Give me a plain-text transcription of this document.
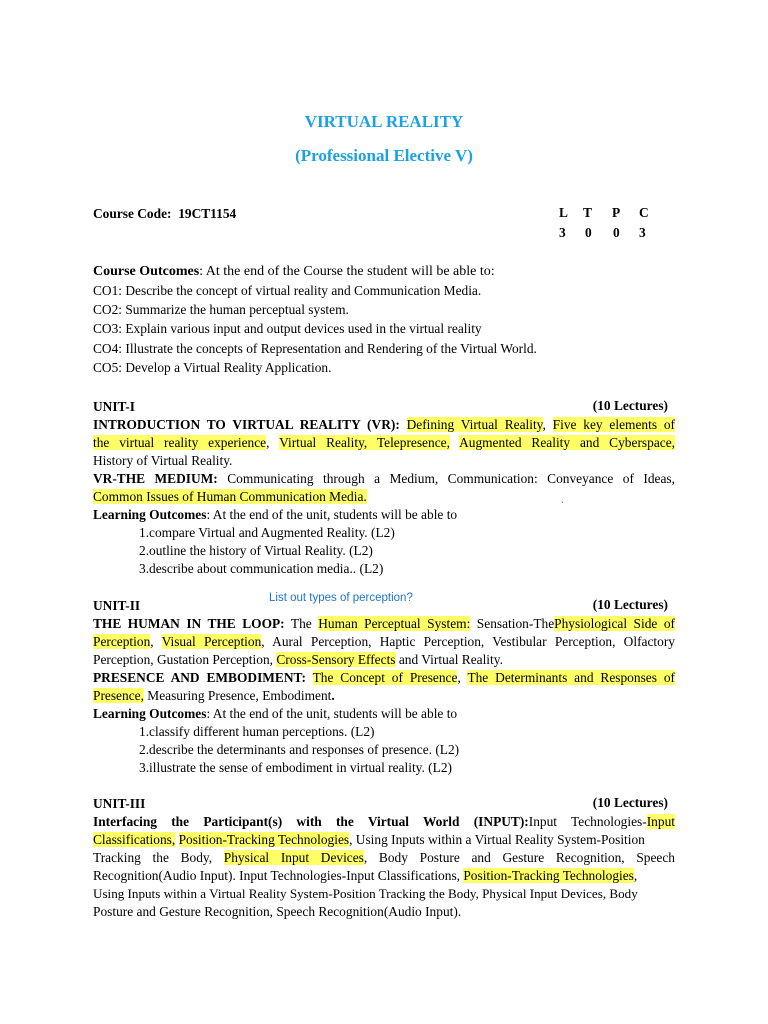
VIRTUAL REALITY
(Professional Elective V)
Course Code: 19CT1154	L T P C
3 0 0 3
Course Outcomes: At the end of the Course the student will be able to:
CO1: Describe the concept of virtual reality and Communication Media.
CO2: Summarize the human perceptual system.
CO3: Explain various input and output devices used in the virtual reality
CO4: Illustrate the concepts of Representation and Rendering of the Virtual World.
CO5: Develop a Virtual Reality Application.
UNIT-I	(10 Lectures)
INTRODUCTION TO VIRTUAL REALITY (VR): Defining Virtual Reality, Five key elements of
the virtual reality experience, Virtual Reality, Telepresence, Augmented Reality and Cyberspace,
History of Virtual Reality.
VR-THE MEDIUM: Communicating through a Medium, Communication: Conveyance of Ideas,
Common Issues of Human Communication Media.	.
Learning Outcomes: At the end of the unit, students will be able to
1.compare Virtual and Augmented Reality. (L2)
2.outline the history of Virtual Reality. (L2)
3.describe about communication media.. (L2)
List out types of perception?
UNIT-II	(10 Lectures)
THE HUMAN IN THE LOOP: The Human Perceptual System: Sensation-ThePhysiological Side of
Perception, Visual Perception, Aural Perception, Haptic Perception, Vestibular Perception, Olfactory
Perception, Gustation Perception, Cross-Sensory Effects and Virtual Reality.
PRESENCE AND EMBODIMENT: The Concept of Presence, The Determinants and Responses of
Presence, Measuring Presence, Embodiment.
Learning Outcomes: At the end of the unit, students will be able to
1.classify different human perceptions. (L2)
2.describe the determinants and responses of presence. (L2)
3.illustrate the sense of embodiment in virtual reality. (L2)
UNIT-III	(10 Lectures)
Interfacing the Participant(s) with the Virtual World (INPUT):Input Technologies-Input
Classifications, Position-Tracking Technologies, Using Inputs within a Virtual Reality System-Position
Tracking the Body, Physical Input Devices, Body Posture and Gesture Recognition, Speech
Recognition(Audio Input). Input Technologies-Input Classifications, Position-Tracking Technologies,
Using Inputs within a Virtual Reality System-Position Tracking the Body, Physical Input Devices, Body
Posture and Gesture Recognition, Speech Recognition(Audio Input).
